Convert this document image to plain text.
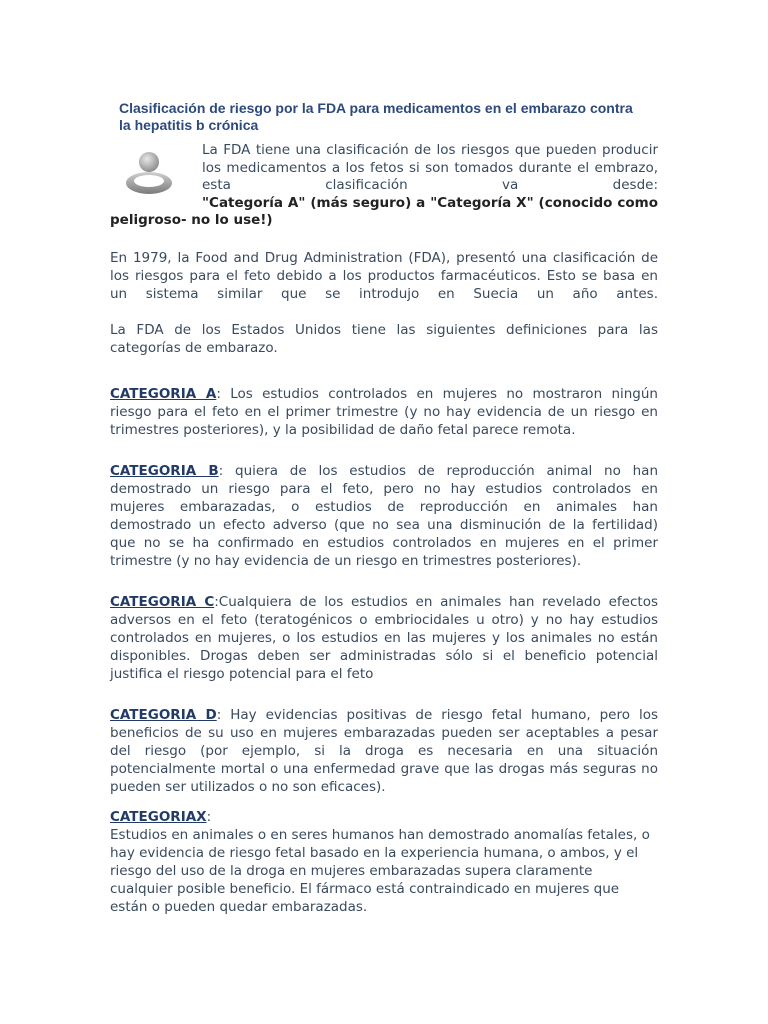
Clasificación de riesgo por la FDA para medicamentos en el embarazo contra
la hepatitis b crónica
La FDA tiene una clasificación de los riesgos que pueden producir
los medicamentos a los fetos si son tomados durante el embrazo,
esta clasificación va desde:
"Categoría A" (más seguro) a "Categoría X" (conocido como
peligroso- no lo use!)
En 1979, la Food and Drug Administration (FDA), presentó una clasificación de
los riesgos para el feto debido a los productos farmacéuticos. Esto se basa en
un sistema similar que se introdujo en Suecia un año antes.
La FDA de los Estados Unidos tiene las siguientes definiciones para las
categorías de embarazo.
CATEGORIA A: Los estudios controlados en mujeres no mostraron ningún
riesgo para el feto en el primer trimestre (y no hay evidencia de un riesgo en
trimestres posteriores), y la posibilidad de daño fetal parece remota.
CATEGORIA B: quiera de los estudios de reproducción animal no han
demostrado un riesgo para el feto, pero no hay estudios controlados en
mujeres embarazadas, o estudios de reproducción en animales han
demostrado un efecto adverso (que no sea una disminución de la fertilidad)
que no se ha confirmado en estudios controlados en mujeres en el primer
trimestre (y no hay evidencia de un riesgo en trimestres posteriores).
CATEGORIA C:Cualquiera de los estudios en animales han revelado efectos
adversos en el feto (teratogénicos o embriocidales u otro) y no hay estudios
controlados en mujeres, o los estudios en las mujeres y los animales no están
disponibles. Drogas deben ser administradas sólo si el beneficio potencial
justifica el riesgo potencial para el feto
CATEGORIA D: Hay evidencias positivas de riesgo fetal humano, pero los
beneficios de su uso en mujeres embarazadas pueden ser aceptables a pesar
del riesgo (por ejemplo, si la droga es necesaria en una situación
potencialmente mortal o una enfermedad grave que las drogas más seguras no
pueden ser utilizados o no son eficaces).
CATEGORIAX:
Estudios en animales o en seres humanos han demostrado anomalías fetales, o
hay evidencia de riesgo fetal basado en la experiencia humana, o ambos, y el
riesgo del uso de la droga en mujeres embarazadas supera claramente
cualquier posible beneficio. El fármaco está contraindicado en mujeres que
están o pueden quedar embarazadas.
